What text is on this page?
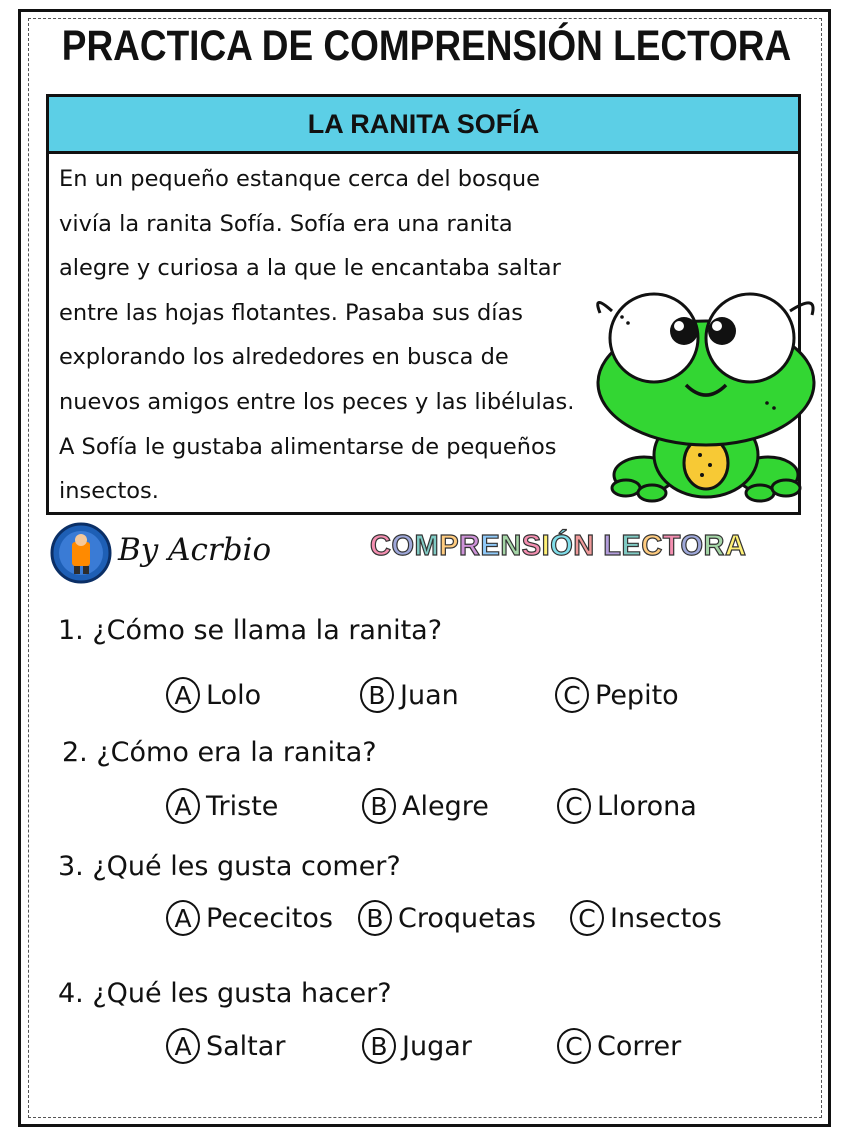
PRACTICA DE COMPRENSIÓN LECTORA
LA RANITA SOFÍA
En un pequeño estanque cerca del bosque
vivía la ranita Sofía. Sofía era una ranita
alegre y curiosa a la que le encantaba saltar
entre las hojas flotantes. Pasaba sus días
explorando los alrededores en busca de
nuevos amigos entre los peces y las libélulas.
A Sofía le gustaba alimentarse de pequeños
insectos.
By Acrbio	COMPRENSIÓN LECTORA
1. ¿Cómo se llama la ranita?
A Lolo	B Juan	C Pepito
2. ¿Cómo era la ranita?
A Triste	B Alegre	C Llorona
3. ¿Qué les gusta comer?
A Pececitos	B Croquetas	C Insectos
4. ¿Qué les gusta hacer?
A Saltar	B Jugar	C Correr
